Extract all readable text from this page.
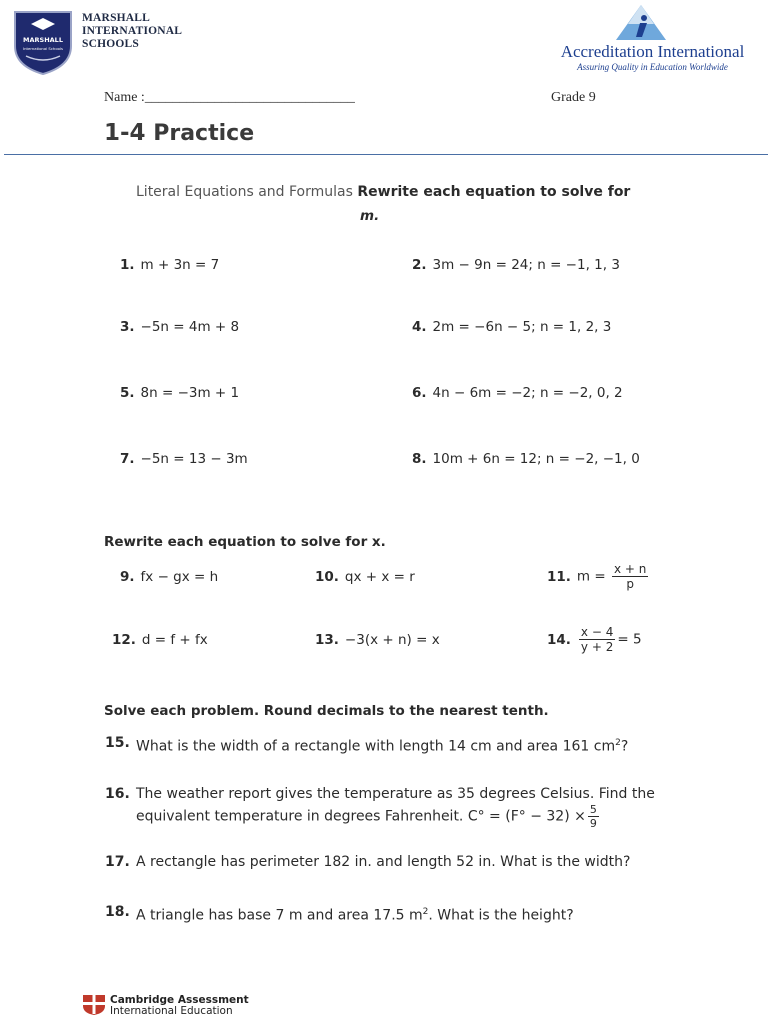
MARSHALL
International Schools
MARSHALL
INTERNATIONAL
SCHOOLS	Accreditation International
Assuring Quality in Education Worldwide
Name :______________________________	Grade 9
1-4 Practice
Literal Equations and Formulas Rewrite each equation to solve for
m.
1. m + 3n = 7	2. 3m − 9n = 24; n = −1, 1, 3
3. −5n = 4m + 8	4. 2m = −6n − 5; n = 1, 2, 3
5. 8n = −3m + 1	6. 4n − 6m = −2; n = −2, 0, 2
7. −5n = 13 − 3m	8. 10m + 6n = 12; n = −2, −1, 0
Rewrite each equation to solve for x.
9. fx − gx = h	10. qx + x = r	11. $m = \frac{x + n}{p}$
12. d = f + fx	13. −3(x + n) = x	14. $\frac{x - 4}{y + 2} = 5$
Solve each problem. Round decimals to the nearest tenth.
15. What is the width of a rectangle with length 14 cm and area 161 $cm^2$?
16. The weather report gives the temperature as 35 degrees Celsius. Find the
equivalent temperature in degrees Fahrenheit. $C^\circ = (F^\circ - 32) \times \frac{5}{9}$
17. A rectangle has perimeter 182 in. and length 52 in. What is the width?
18. A triangle has base 7 m and area 17.5 $m^2$. What is the height?
Cambridge Assessment
International Education
